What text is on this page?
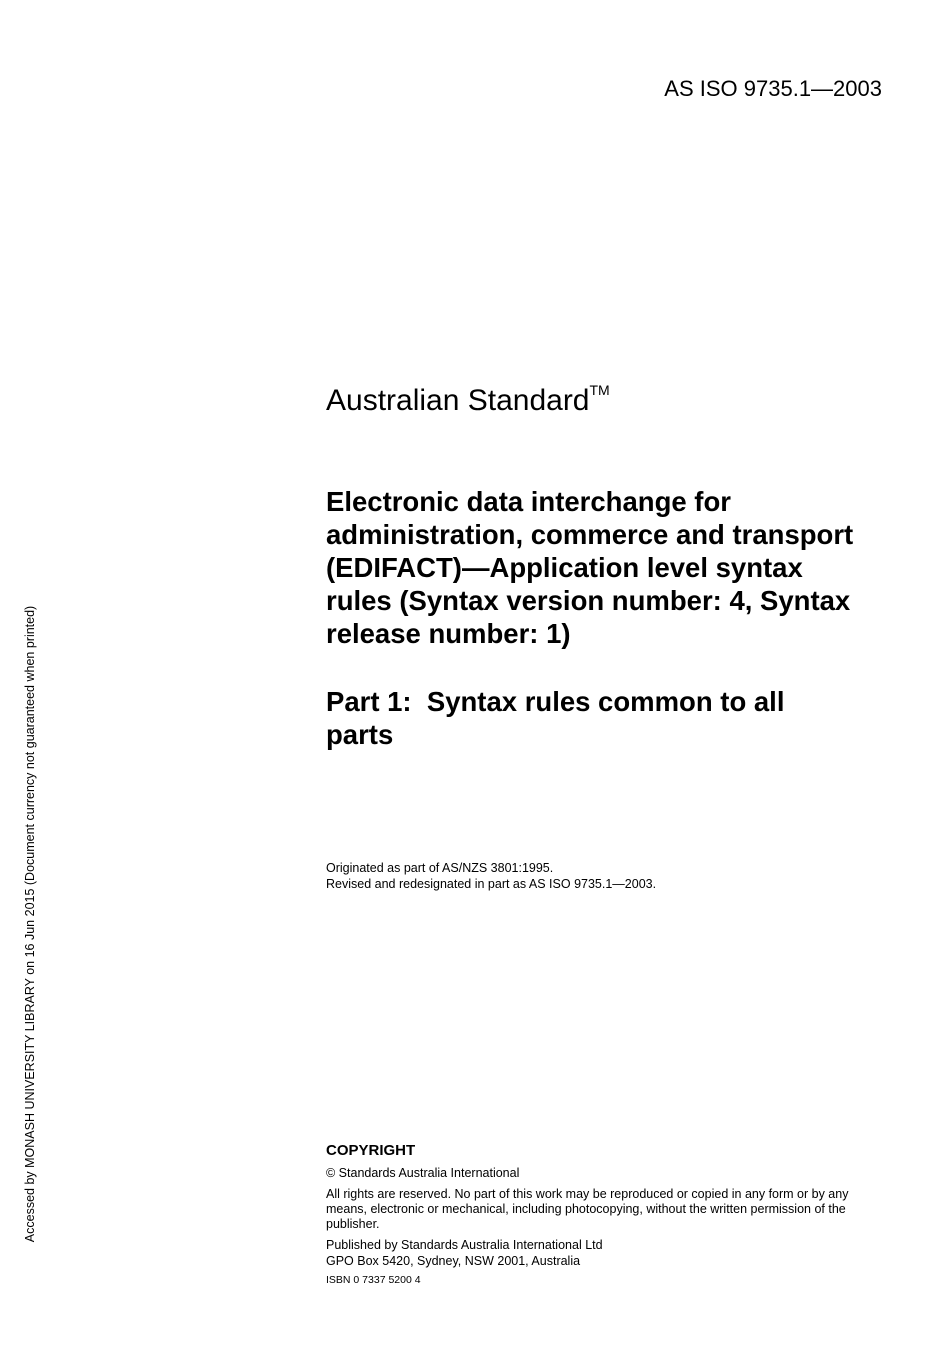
AS ISO 9735.1—2003
Accessed by MONASH UNIVERSITY LIBRARY on 16 Jun 2015 (Document currency not guaranteed when printed)
Australian Standard™
Electronic data interchange for
administration, commerce and transport
(EDIFACT)—Application level syntax
rules (Syntax version number: 4, Syntax
release number: 1)
Part 1:  Syntax rules common to all
parts
Originated as part of AS/NZS 3801:1995.
Revised and redesignated in part as AS ISO 9735.1—2003.

COPYRIGHT

© Standards Australia International

All rights are reserved. No part of this work may be reproduced or copied in any form or by any means, electronic or mechanical, including photocopying, without the written permission of the publisher.

Published by Standards Australia International Ltd
GPO Box 5420, Sydney, NSW 2001, Australia

ISBN 0 7337 5200 4
